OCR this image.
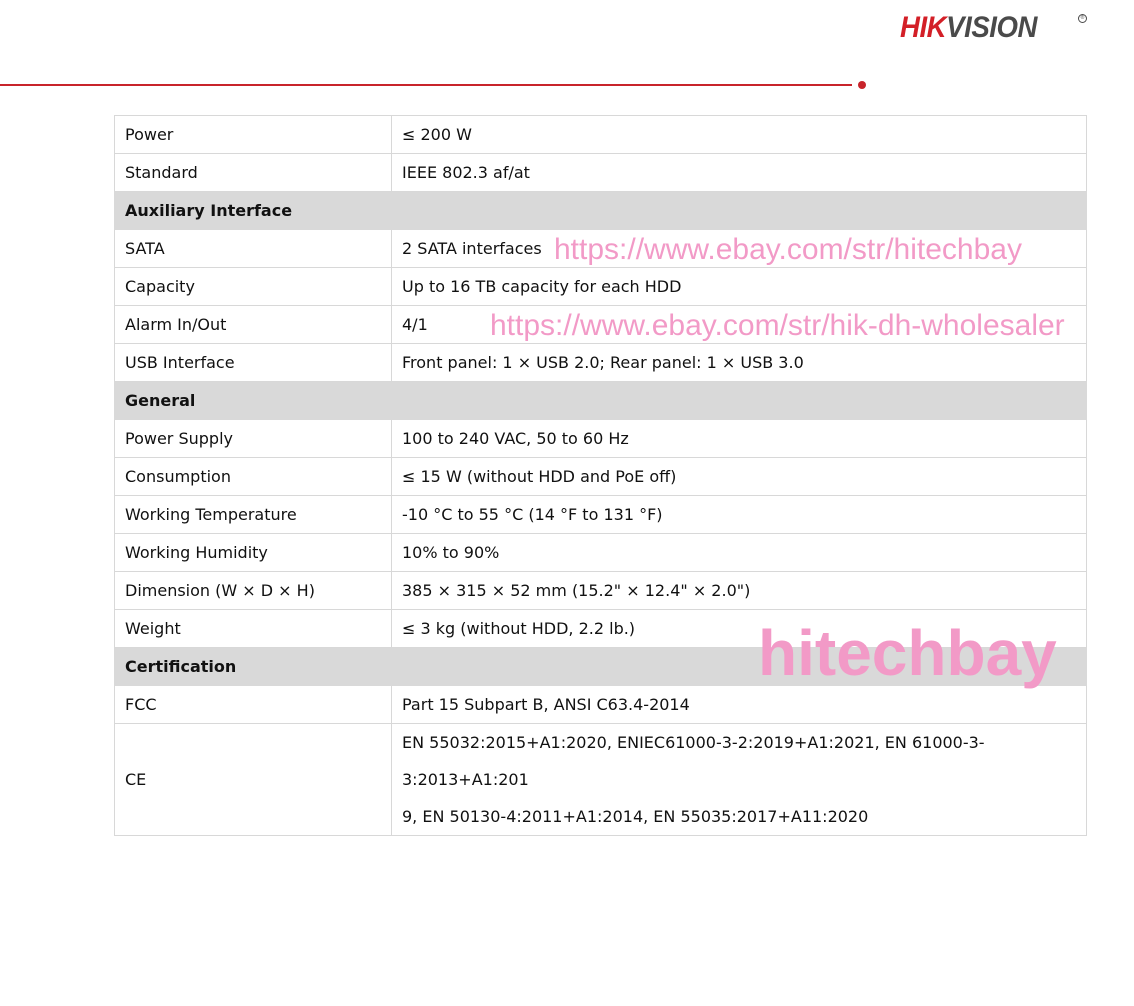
HIKVISION	®
Power	≤ 200 W
Standard	IEEE 802.3 af/at
Auxiliary Interface	
SATA	2 SATA interfaces
Capacity	Up to 16 TB capacity for each HDD
Alarm In/Out	4/1
USB Interface	Front panel: 1 × USB 2.0; Rear panel: 1 × USB 3.0
General	
Power Supply	100 to 240 VAC, 50 to 60 Hz
Consumption	≤ 15 W (without HDD and PoE off)
Working Temperature	-10 °C to 55 °C (14 °F to 131 °F)
Working Humidity	10% to 90%
Dimension (W × D × H)	385 × 315 × 52 mm (15.2" × 12.4" × 2.0")
Weight	≤ 3 kg (without HDD, 2.2 lb.)
Certification	
FCC	Part 15 Subpart B, ANSI C63.4-2014
CE	EN 55032:2015+A1:2020, ENIEC61000-3-2:2019+A1:2021, EN 61000-3-3:2013+A1:201
9, EN 50130-4:2011+A1:2014, EN 55035:2017+A11:2020
https://www.ebay.com/str/hitechbay
https://www.ebay.com/str/hik-dh-wholesaler
hitechbay
